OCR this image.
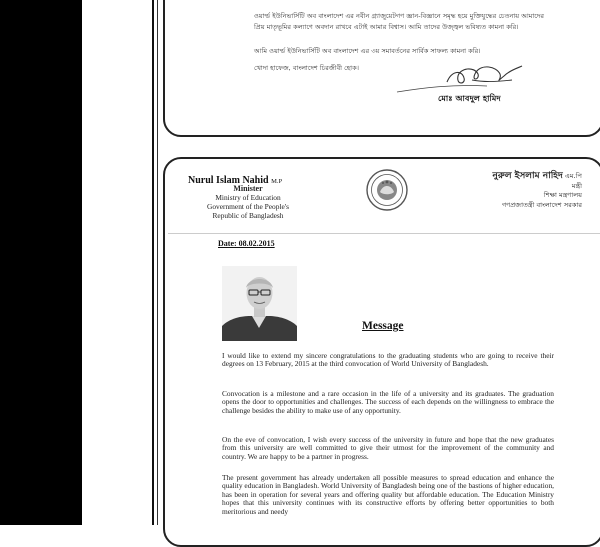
ওয়ার্ল্ড ইউনিভার্সিটি অব বাংলাদেশ এর নবীন গ্র্যাজুয়েটগণ জ্ঞান-বিজ্ঞানে সমৃদ্ধ হয়ে মুক্তিযুদ্ধের চেতনায় আমাদের প্রিয় মাতৃভূমির কল্যাণে অবদান রাখবে এটাই আমার বিশ্বাস। আমি তাদের উজ্জ্বল ভবিষ্যত কামনা করি।
আমি ওয়ার্ল্ড ইউনিভার্সিটি অব বাংলাদেশ এর ৩য় সমাবর্তনের সার্বিক সাফল্য কামনা করি।
খোদা হাফেজ, বাংলাদেশ চিরজীবী হোক।
মোঃ আবদুল হামিদ
Nurul Islam Nahid M.P
Minister
Ministry of Education
Government of the People's
Republic of Bangladesh
নুরুল ইসলাম নাহিদ এম.পি
মন্ত্রী
শিক্ষা মন্ত্রণালয়
গণপ্রজাতন্ত্রী বাংলাদেশ সরকার
Date: 08.02.2015
Message
I would like to extend my sincere congratulations to the graduating students who are going to receive their degrees on 13 February, 2015 at the third convocation of World University of Bangladesh.
Convocation is a milestone and a rare occasion in the life of a university and its graduates. The graduation opens the door to opportunities and challenges. The success of each depends on the willingness to embrace the challenge besides the ability to make use of any opportunity.
On the eve of convocation, I wish every success of the university in future and hope that the new graduates from this university are well committed to give their utmost for the improvement of the community and country. We are happy to be a partner in progress.
The present government has already undertaken all possible measures to spread education and enhance the quality education in Bangladesh. World University of Bangladesh being one of the bastions of higher education, has been in operation for several years and offering quality but affordable education. The Education Ministry hopes that this university continues with its constructive efforts by offering better opportunities to both meritorious and needy
